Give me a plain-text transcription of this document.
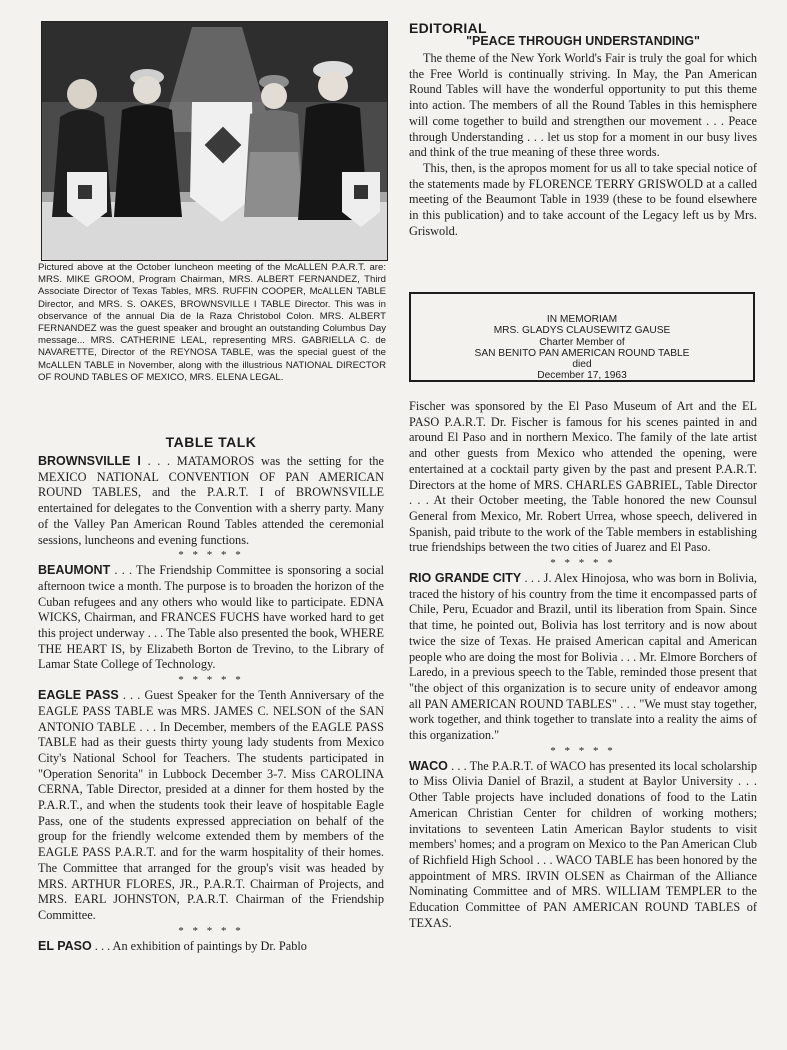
Pictured above at the October luncheon meeting of the McALLEN P.A.R.T. are: MRS. MIKE GROOM, Program Chairman, MRS. ALBERT FERNANDEZ, Third Associate Director of Texas Tables, MRS. RUFFIN COOPER, McALLEN TABLE Director, and MRS. S. OAKES, BROWNSVILLE I TABLE Director. This was in observance of the annual Dia de la Raza Christobol Colon. MRS. ALBERT FERNANDEZ was the guest speaker and brought an outstanding Columbus Day message... MRS. CATHERINE LEAL, representing MRS. GABRIELLA C. de NAVARETTE, Director of the REYNOSA TABLE, was the special guest of the McALLEN TABLE in November, along with the illustrious NATIONAL DIRECTOR OF ROUND TABLES OF MEXICO, MRS. ELENA LEGAL.

TABLE TALK

BROWNSVILLE I . . . MATAMOROS was the setting for the MEXICO NATIONAL CONVENTION OF PAN AMERICAN ROUND TABLES, and the P.A.R.T. I of BROWNSVILLE entertained for delegates to the Convention with a sherry party. Many of the Valley Pan American Round Tables attended the ceremonial sessions, luncheons and evening functions.

* * * * *

BEAUMONT . . . The Friendship Committee is sponsoring a social afternoon twice a month. The purpose is to broaden the horizon of the Cuban refugees and any others who would like to participate. EDNA WICKS, Chairman, and FRANCES FUCHS have worked hard to get this project underway . . . The Table also presented the book, WHERE THE HEART IS, by Elizabeth Borton de Trevino, to the Library of Lamar State College of Technology.

* * * * *

EAGLE PASS . . . Guest Speaker for the Tenth Anniversary of the EAGLE PASS TABLE was MRS. JAMES C. NELSON of the SAN ANTONIO TABLE . . . In December, members of the EAGLE PASS TABLE had as their guests thirty young lady students from Mexico City's National School for Teachers. The students participated in "Operation Senorita" in Lubbock December 3-7. Miss CAROLINA CERNA, Table Director, presided at a dinner for them hosted by the P.A.R.T., and when the students took their leave of hospitable Eagle Pass, one of the students expressed appreciation on behalf of the group for the friendly welcome extended them by members of the EAGLE PASS P.A.R.T. and for the warm hospitality of their homes. The Committee that arranged for the group's visit was headed by MRS. ARTHUR FLORES, JR., P.A.R.T. Chairman of Projects, and MRS. EARL JOHNSTON, P.A.R.T. Chairman of the Friendship Committee.

* * * * *

EL PASO . . . An exhibition of paintings by Dr. Pablo

EDITORIAL
"PEACE THROUGH UNDERSTANDING"

The theme of the New York World's Fair is truly the goal for which the Free World is continually striving. In May, the Pan American Round Tables will have the wonderful opportunity to put this theme into action. The members of all the Round Tables in this hemisphere will come together to build and strengthen our movement . . . Peace through Understanding . . . let us stop for a moment in our busy lives and think of the true meaning of these three words.

This, then, is the apropos moment for us all to take special notice of the statements made by FLORENCE TERRY GRISWOLD at a called meeting of the Beaumont Table in 1939 (these to be found elsewhere in this publication) and to take account of the Legacy left us by Mrs. Griswold.

IN MEMORIAM
MRS. GLADYS CLAUSEWITZ GAUSE
Charter Member of
SAN BENITO PAN AMERICAN ROUND TABLE
died
December 17, 1963

Fischer was sponsored by the El Paso Museum of Art and the EL PASO P.A.R.T. Dr. Fischer is famous for his scenes painted in and around El Paso and in northern Mexico. The family of the late artist and other guests from Mexico who attended the opening, were entertained at a cocktail party given by the past and present P.A.R.T. Directors at the home of MRS. CHARLES GABRIEL, Table Director . . . At their October meeting, the Table honored the new Counsul General from Mexico, Mr. Robert Urrea, whose speech, delivered in Spanish, paid tribute to the work of the Table members in establishing true friendships between the two cities of Juarez and El Paso.

* * * * *

RIO GRANDE CITY . . . J. Alex Hinojosa, who was born in Bolivia, traced the history of his country from the time it encompassed parts of Chile, Peru, Ecuador and Brazil, until its liberation from Spain. Since that time, he pointed out, Bolivia has lost territory and is now about twice the size of Texas. He praised American capital and American people who are doing the most for Bolivia . . . Mr. Elmore Borchers of Laredo, in a previous speech to the Table, reminded those present that "the object of this organization is to secure unity of endeavor among all PAN AMERICAN ROUND TABLES" . . . "We must stay together, work together, and think together to translate into a reality the aims of this organization."

* * * * *

WACO . . . The P.A.R.T. of WACO has presented its local scholarship to Miss Olivia Daniel of Brazil, a student at Baylor University . . . Other Table projects have included donations of food to the Latin American Christian Center for children of working mothers; invitations to seventeen Latin American Baylor students to visit members' homes; and a program on Mexico to the Pan American Club of Richfield High School . . . WACO TABLE has been honored by the appointment of MRS. IRVIN OLSEN as Chairman of the Alliance Nominating Committee and of MRS. WILLIAM TEMPLER to the Education Committee of PAN AMERICAN ROUND TABLES of TEXAS.
